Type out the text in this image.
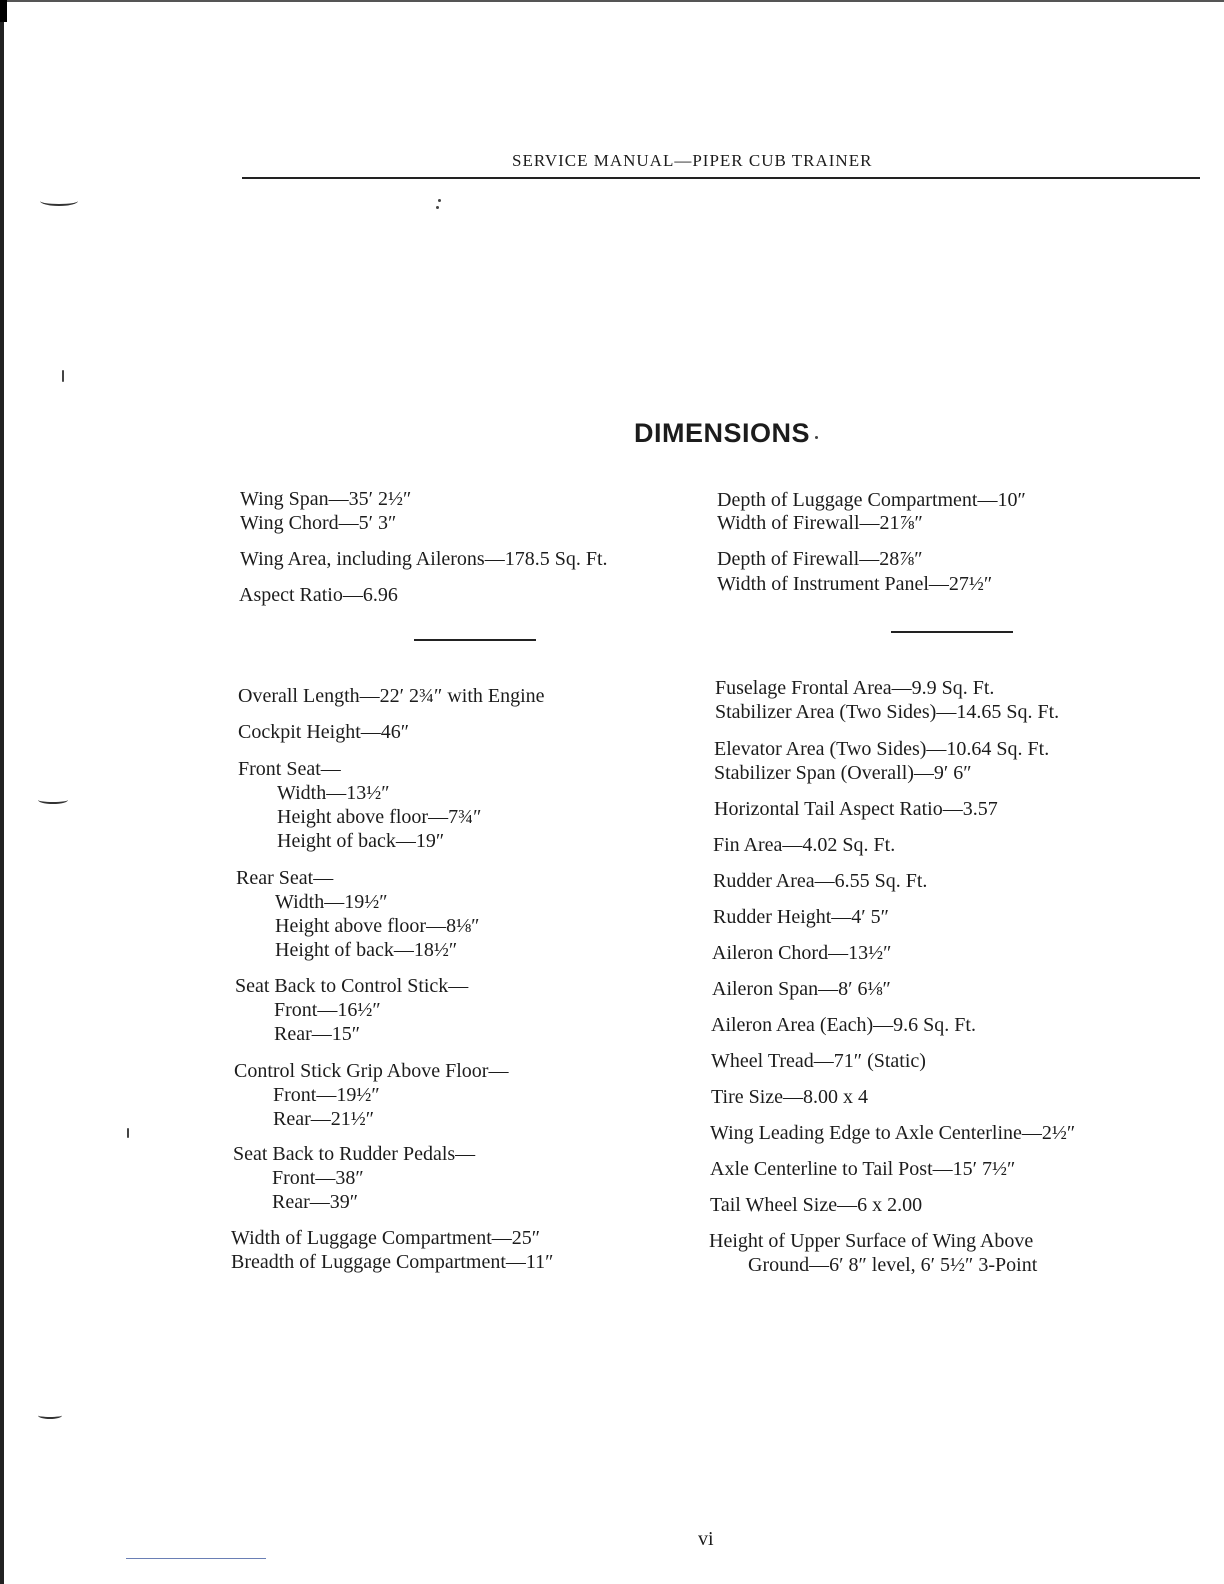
SERVICE MANUAL—PIPER CUB TRAINER
DIMENSIONS
Wing Span—35′ 2½″
Wing Chord—5′ 3″
Wing Area, including Ailerons—178.5 Sq. Ft.
Aspect Ratio—6.96
Depth of Luggage Compartment—10″
Width of Firewall—21⅞″
Depth of Firewall—28⅞″
Width of Instrument Panel—27½″
Overall Length—22′ 2¾″ with Engine
Cockpit Height—46″
Front Seat—
Width—13½″
Height above floor—7¾″
Height of back—19″
Rear Seat—
Width—19½″
Height above floor—8⅛″
Height of back—18½″
Seat Back to Control Stick—
Front—16½″
Rear—15″
Control Stick Grip Above Floor—
Front—19½″
Rear—21½″
Seat Back to Rudder Pedals—
Front—38″
Rear—39″
Width of Luggage Compartment—25″
Breadth of Luggage Compartment—11″
Fuselage Frontal Area—9.9 Sq. Ft.
Stabilizer Area (Two Sides)—14.65 Sq. Ft.
Elevator Area (Two Sides)—10.64 Sq. Ft.
Stabilizer Span (Overall)—9′ 6″
Horizontal Tail Aspect Ratio—3.57
Fin Area—4.02 Sq. Ft.
Rudder Area—6.55 Sq. Ft.
Rudder Height—4′ 5″
Aileron Chord—13½″
Aileron Span—8′ 6⅛″
Aileron Area (Each)—9.6 Sq. Ft.
Wheel Tread—71″ (Static)
Tire Size—8.00 x 4
Wing Leading Edge to Axle Centerline—2½″
Axle Centerline to Tail Post—15′ 7½″
Tail Wheel Size—6 x 2.00
Height of Upper Surface of Wing Above
Ground—6′ 8″ level, 6′ 5½″ 3-Point
vi
